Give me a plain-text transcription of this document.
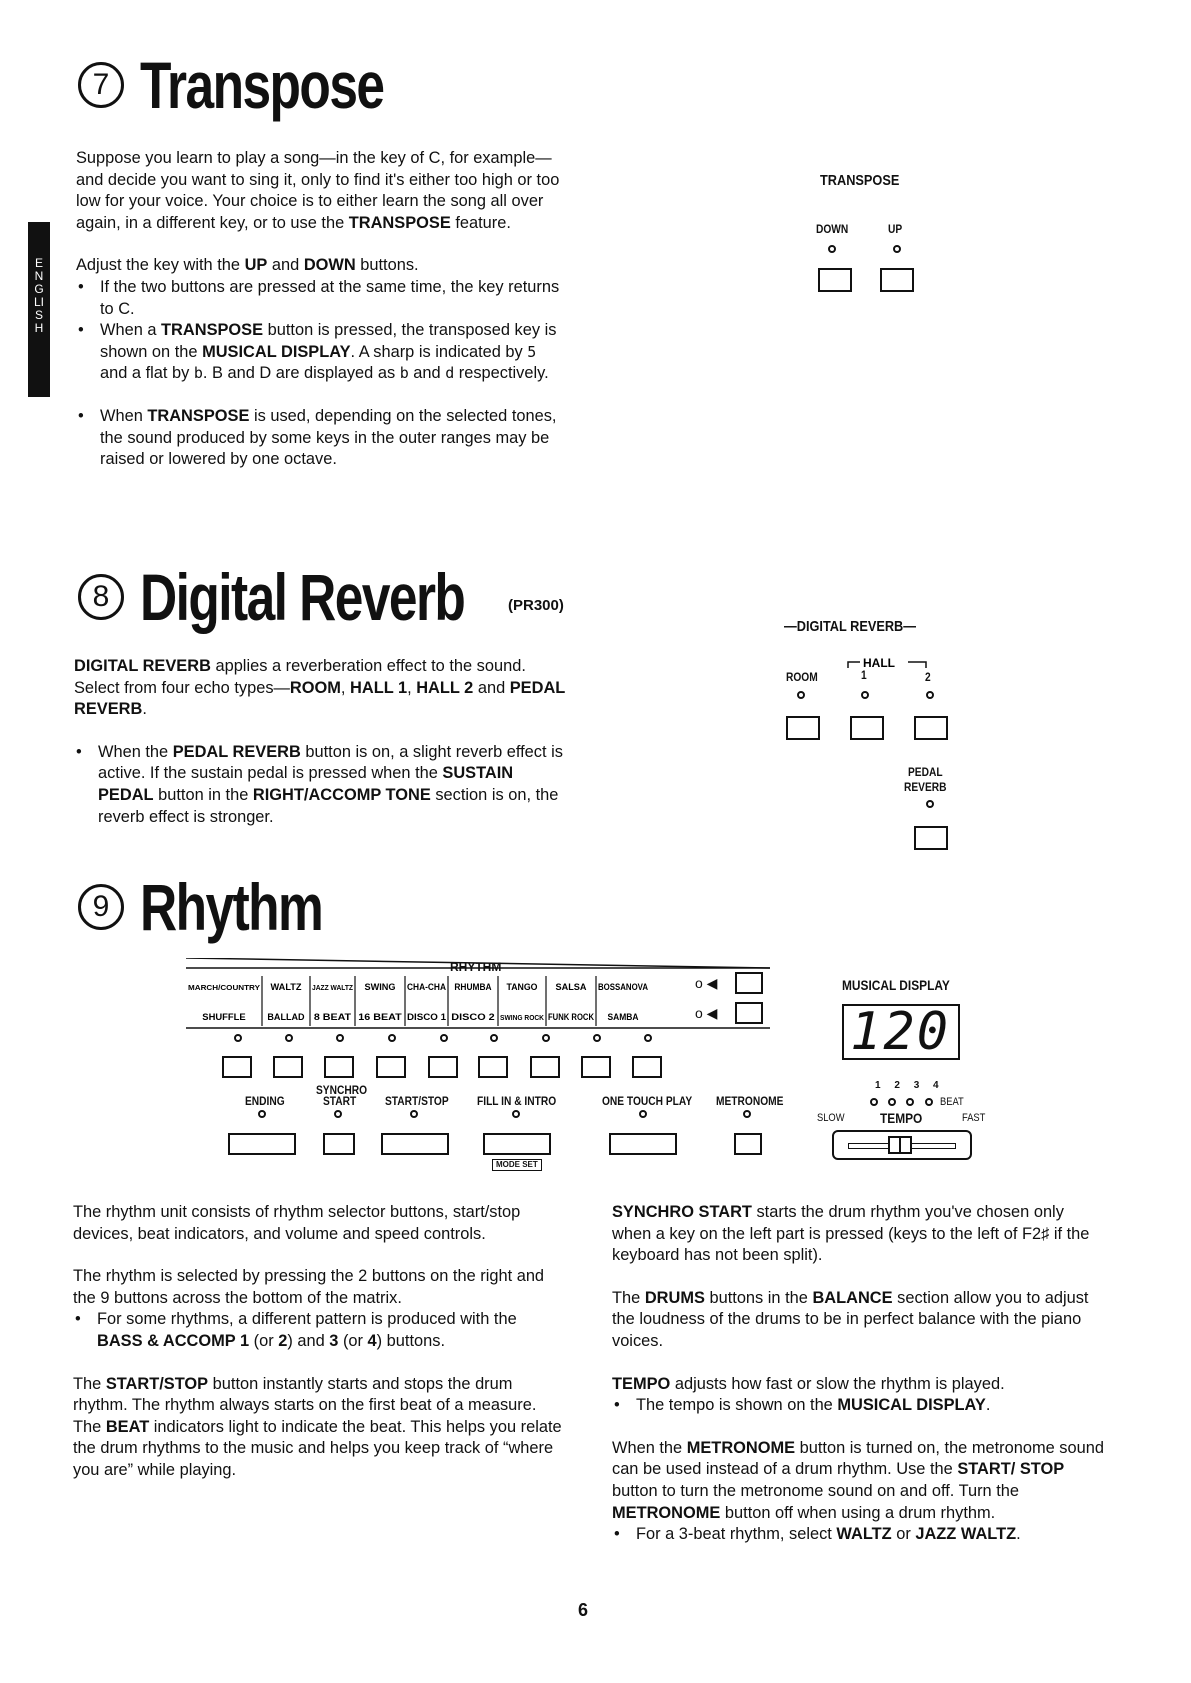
ENGLISH
7 Transpose

Suppose you learn to play a song—in the key of C, for example—and decide you want to sing it, only to find it's either too high or too low for your voice. Your choice is to either learn the song all over again, in a different key, or to use the TRANSPOSE feature.

Adjust the key with the UP and DOWN buttons.

• If the two buttons are pressed at the same time, the key returns to C.
• When a TRANSPOSE button is pressed, the transposed key is shown on the MUSICAL DISPLAY. A sharp is indicated by 5 and a flat by b. B and D are displayed as b and d respectively.
• When TRANSPOSE is used, depending on the selected tones, the sound produced by some keys in the outer ranges may be raised or lowered by one octave.
TRANSPOSE
DOWN	UP
8 Digital Reverb	(PR300)

DIGITAL REVERB applies a reverberation effect to the sound. Select from four echo types—ROOM, HALL 1, HALL 2 and PEDAL REVERB.

• When the PEDAL REVERB button is on, a slight reverb effect is active. If the sustain pedal is pressed when the SUSTAIN PEDAL button in the RIGHT/ACCOMP TONE section is on, the reverb effect is stronger.
—DIGITAL REVERB—
HALL
ROOM	1	2
PEDAL
REVERB
9 Rhythm
RHYTHM
MARCH/COUNTRY WALTZ JAZZ WALTZ SWING CHA-CHA RHUMBA TANGO SALSA BOSSANOVA
SHUFFLE BALLAD 8 BEAT 16 BEAT DISCO 1 DISCO 2 SWING ROCK FUNK ROCK SAMBA
o ◀
o ◀
ENDING
SYNCHRO
START START/STOP FILL IN & INTRO	ONE TOUCH PLAY METRONOME
MODE SET
MUSICAL DISPLAY
120
1 2 3 4
BEAT
SLOW	TEMPO	FAST

The rhythm unit consists of rhythm selector buttons, start/stop devices, beat indicators, and volume and speed controls.

The rhythm is selected by pressing the 2 buttons on the right and the 9 buttons across the bottom of the matrix.

• For some rhythms, a different pattern is produced with the BASS & ACCOMP 1 (or 2) and 3 (or 4) buttons.

The START/STOP button instantly starts and stops the drum rhythm. The rhythm always starts on the first beat of a measure. The BEAT indicators light to indicate the beat. This helps you relate the drum rhythms to the music and helps you keep track of “where you are” while playing.

SYNCHRO START starts the drum rhythm you've chosen only when a key on the left part is pressed (keys to the left of F2♯ if the keyboard has not been split).

The DRUMS buttons in the BALANCE section allow you to adjust the loudness of the drums to be in perfect balance with the piano voices.

TEMPO adjusts how fast or slow the rhythm is played.

• The tempo is shown on the MUSICAL DISPLAY.

When the METRONOME button is turned on, the metronome sound can be used instead of a drum rhythm. Use the START/ STOP button to turn the metronome sound on and off. Turn the METRONOME button off when using a drum rhythm.

• For a 3-beat rhythm, select WALTZ or JAZZ WALTZ.
6
